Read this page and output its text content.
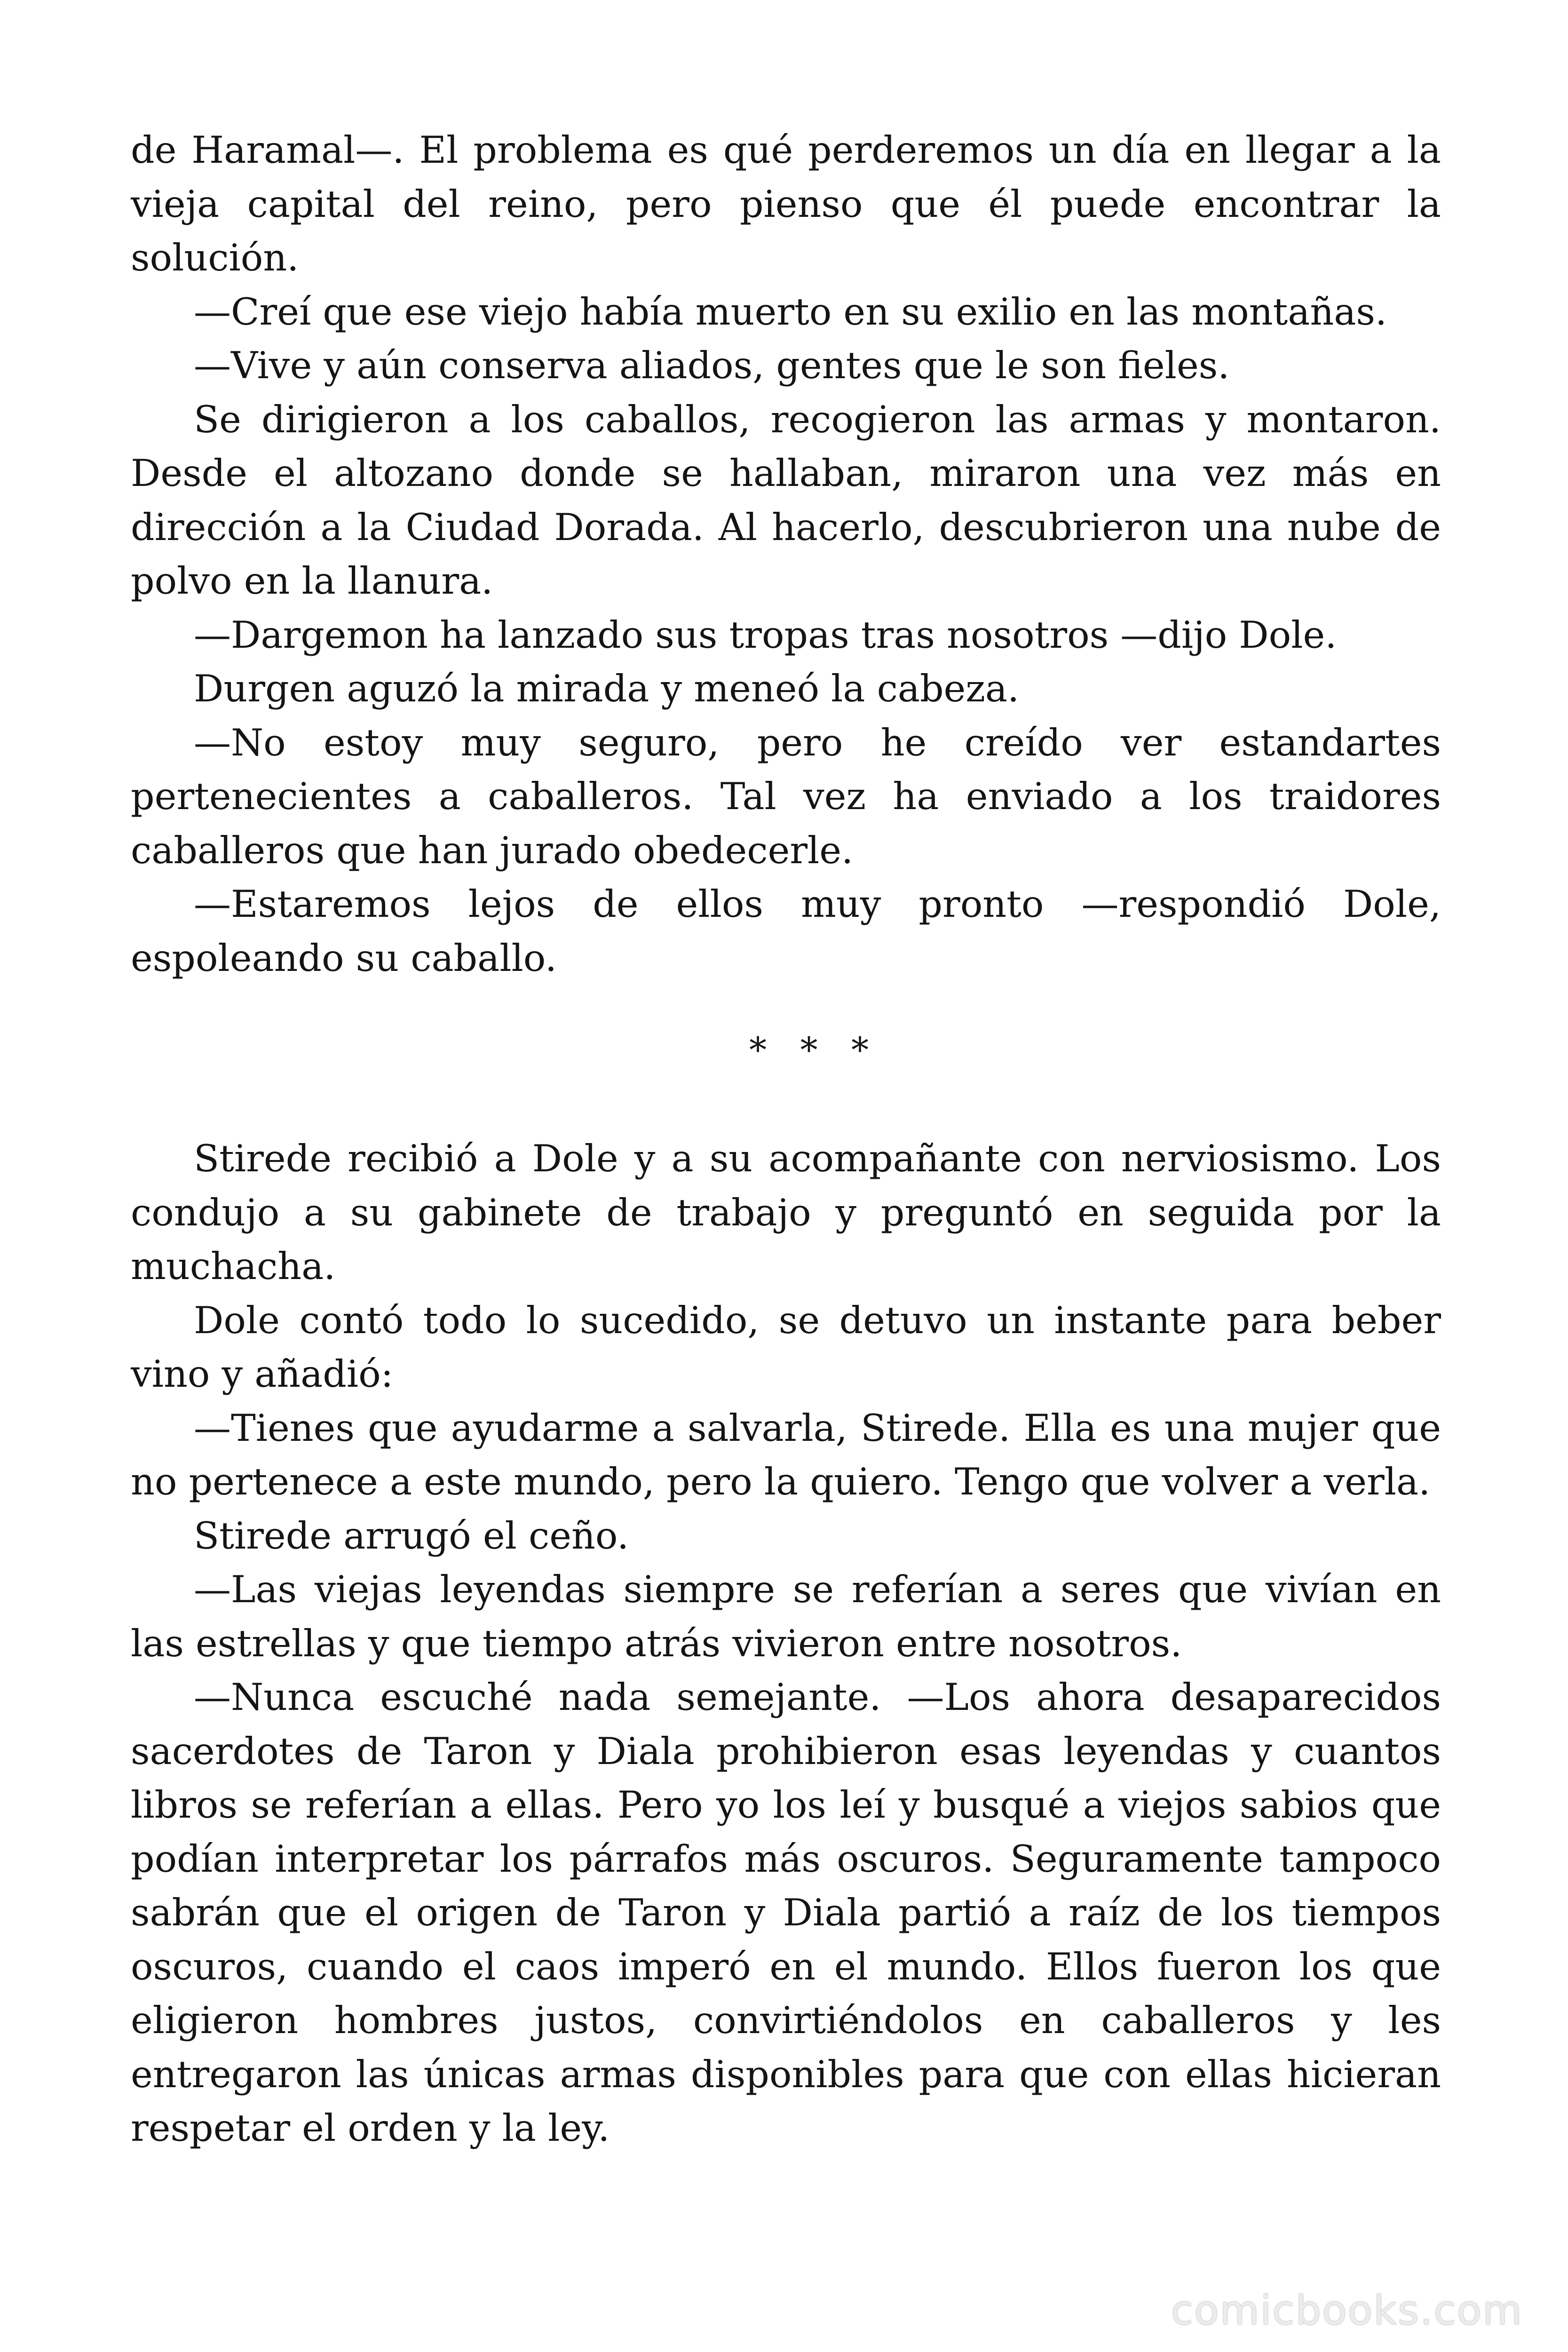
de Haramal—. El problema es qué perderemos un día en llegar a la vieja capital del reino, pero pienso que él puede encontrar la solución.

—Creí que ese viejo había muerto en su exilio en las montañas.

—Vive y aún conserva aliados, gentes que le son fieles.

Se dirigieron a los caballos, recogieron las armas y montaron. Desde el altozano donde se hallaban, miraron una vez más en dirección a la Ciudad Dorada. Al hacerlo, descubrieron una nube de polvo en la llanura.

—Dargemon ha lanzado sus tropas tras nosotros —dijo Dole.

Durgen aguzó la mirada y meneó la cabeza.

—No estoy muy seguro, pero he creído ver estandartes pertenecientes a caballeros. Tal vez ha enviado a los traidores caballeros que han jurado obedecerle.

—Estaremos lejos de ellos muy pronto —respondió Dole, espoleando su caballo.

* * *

Stirede recibió a Dole y a su acompañante con nerviosismo. Los condujo a su gabinete de trabajo y preguntó en seguida por la muchacha.

Dole contó todo lo sucedido, se detuvo un instante para beber vino y añadió:

—Tienes que ayudarme a salvarla, Stirede. Ella es una mujer que no pertenece a este mundo, pero la quiero. Tengo que volver a verla.

Stirede arrugó el ceño.

—Las viejas leyendas siempre se referían a seres que vivían en las estrellas y que tiempo atrás vivieron entre nosotros.

—Nunca escuché nada semejante. —Los ahora desaparecidos sacerdotes de Taron y Diala prohibieron esas leyendas y cuantos libros se referían a ellas. Pero yo los leí y busqué a viejos sabios que podían interpretar los párrafos más oscuros. Seguramente tampoco sabrán que el origen de Taron y Diala partió a raíz de los tiempos oscuros, cuando el caos imperó en el mundo. Ellos fueron los que eligieron hombres justos, convirtiéndolos en caballeros y les entregaron las únicas armas disponibles para que con ellas hicieran respetar el orden y la ley.

comicbooks.com
